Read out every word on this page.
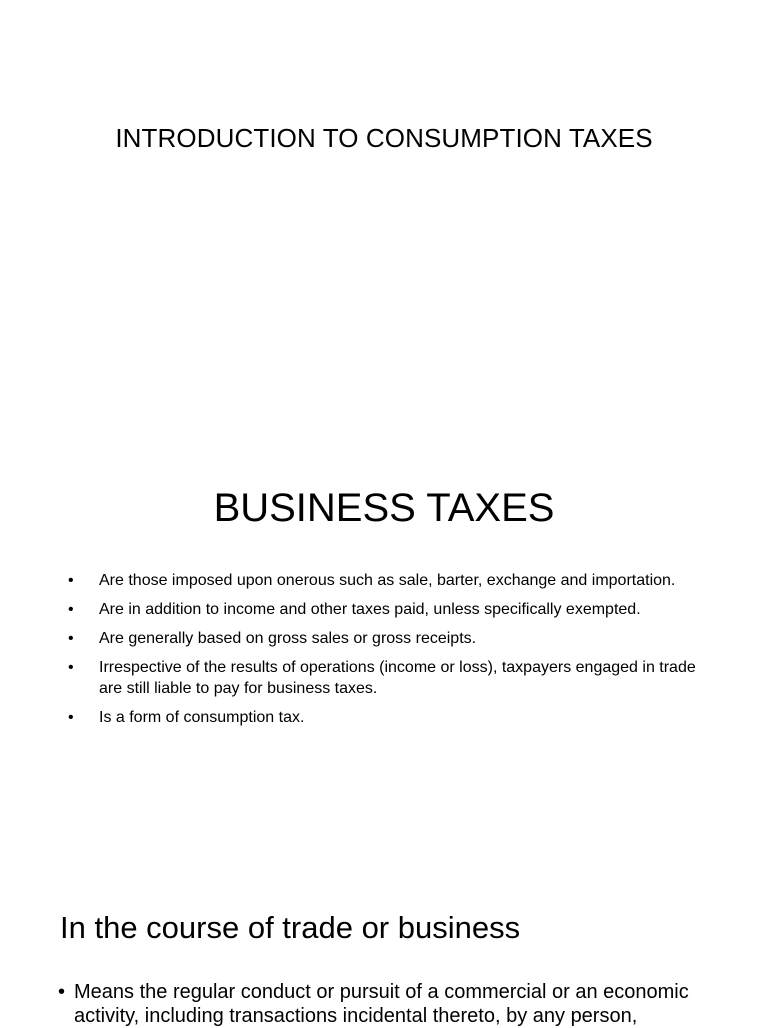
INTRODUCTION TO CONSUMPTION TAXES
BUSINESS TAXES
• Are those imposed upon onerous such as sale, barter, exchange and importation.
• Are in addition to income and other taxes paid, unless specifically exempted.
• Are generally based on gross sales or gross receipts.
• Irrespective of the results of operations (income or loss), taxpayers engaged in trade are still liable to pay for business taxes.
• Is a form of consumption tax.
In the course of trade or business
• Means the regular conduct or pursuit of a commercial or an economic activity, including transactions incidental thereto, by any person,
